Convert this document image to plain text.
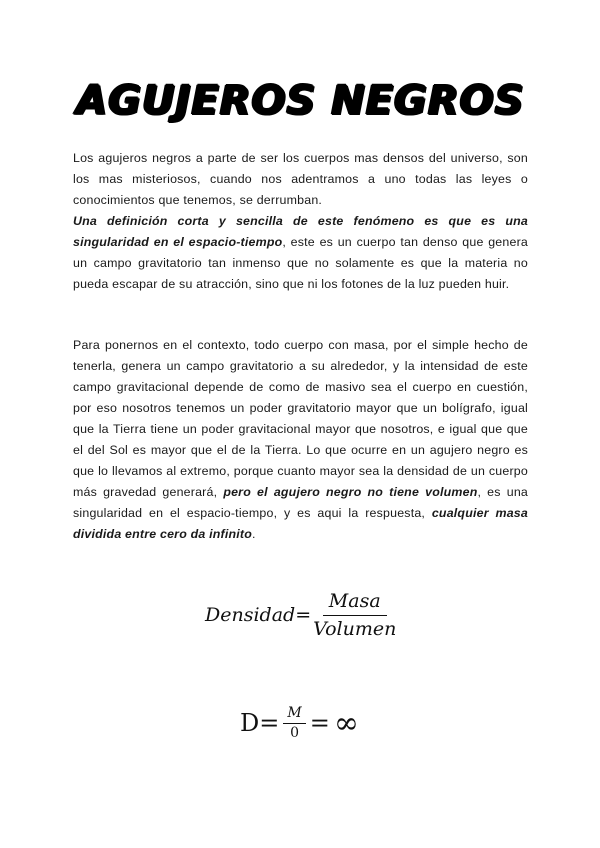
AGUJEROS NEGROS
Los agujeros negros a parte de ser los cuerpos mas densos del universo, son los mas misteriosos, cuando nos adentramos a uno todas las leyes o conocimientos que tenemos, se derrumban.
Una definición corta y sencilla de este fenómeno es que es una singularidad en el espacio-tiempo, este es un cuerpo tan denso que genera un campo gravitatorio tan inmenso que no solamente es que la materia no pueda escapar de su atracción, sino que ni los fotones de la luz pueden huir.
Para ponernos en el contexto, todo cuerpo con masa, por el simple hecho de tenerla, genera un campo gravitatorio a su alrededor, y la intensidad de este campo gravitacional depende de como de masivo sea el cuerpo en cuestión, por eso nosotros tenemos un poder gravitatorio mayor que un bolígrafo, igual que la Tierra tiene un poder gravitacional mayor que nosotros, e igual que que el del Sol es mayor que el de la Tierra. Lo que ocurre en un agujero negro es que lo llevamos al extremo, porque cuanto mayor sea la densidad de un cuerpo más gravedad generará, pero el agujero negro no tiene volumen, es una singularidad en el espacio-tiempo, y es aqui la respuesta, cualquier masa dividida entre cero da infinito.
Densidad= $\frac{\text{Masa}}{\text{Volumen}}$
$D= \frac{M}{0}$ = ∞
